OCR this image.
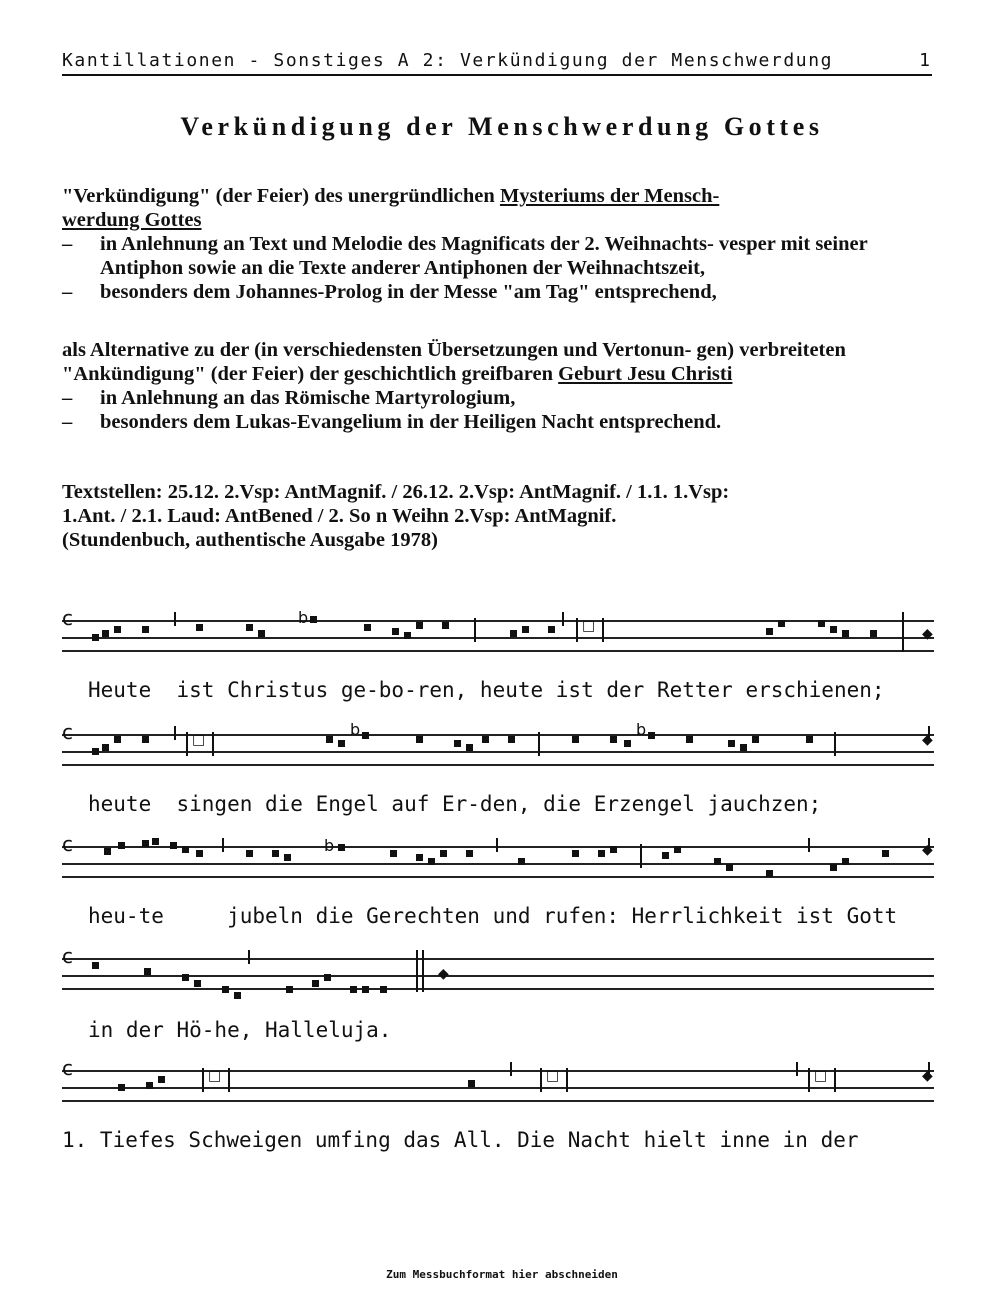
Kantillationen - Sonstiges A 2: Verkündigung der Menschwerdung	1
Verkündigung der Menschwerdung Gottes
"Verkündigung" (der Feier) des unergründlichen Mysteriums der Mensch-
werdung Gottes
– in Anlehnung an Text und Melodie des Magnificats der 2. Weihnachts- vesper mit seiner Antiphon sowie an die Texte anderer Antiphonen der Weihnachtszeit,
– besonders dem Johannes-Prolog in der Messe "am Tag" entsprechend,
als Alternative zu der (in verschiedensten Übersetzungen und Vertonun- gen) verbreiteten "Ankündigung" (der Feier) der geschichtlich greifbaren Geburt Jesu Christi
– in Anlehnung an das Römische Martyrologium,
– besonders dem Lukas-Evangelium in der Heiligen Nacht entsprechend.
Textstellen: 25.12. 2.Vsp: AntMagnif. / 26.12. 2.Vsp: AntMagnif. / 1.1. 1.Vsp:
1.Ant. / 2.1. Laud: AntBened / 2. So n Weihn 2.Vsp: AntMagnif.
(Stundenbuch, authentische Ausgabe 1978)
c	b	□	◆
Heute  ist Christus ge-bo-ren, heute ist der Retter erschienen;
c	□
b	b
◆
heute  singen die Engel auf Er-den, die Erzengel jauchzen;
c	b	◆
heu-te     jubeln die Gerechten und rufen: Herrlichkeit ist Gott
c
◆
in der Hö-he, Halleluja.
c	□	□	□	◆
1. Tiefes Schweigen umfing das All. Die Nacht hielt inne in der
Zum Messbuchformat hier abschneiden
